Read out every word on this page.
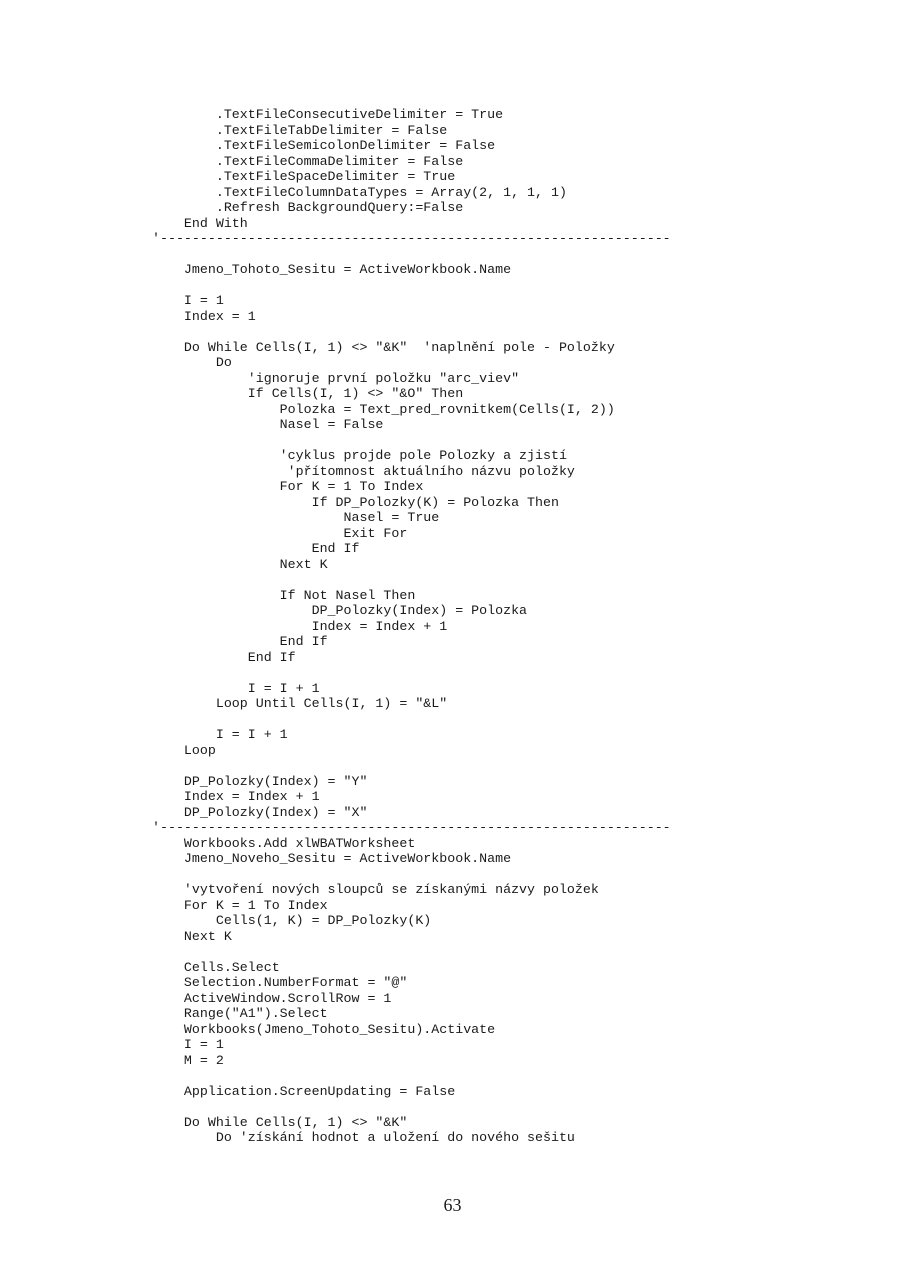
.TextFileConsecutiveDelimiter = True
.TextFileTabDelimiter = False
.TextFileSemicolonDelimiter = False
.TextFileCommaDelimiter = False
.TextFileSpaceDelimiter = True
.TextFileColumnDataTypes = Array(2, 1, 1, 1)
.Refresh BackgroundQuery:=False
End With
'----------------------------------------------------------------

Jmeno_Tohoto_Sesitu = ActiveWorkbook.Name

I = 1
Index = 1

Do While Cells(I, 1) <> "&K"  'naplnění pole - Položky
Do
'ignoruje první položku "arc_viev"
If Cells(I, 1) <> "&O" Then
Polozka = Text_pred_rovnitkem(Cells(I, 2))
Nasel = False

'cyklus projde pole Polozky a zjistí
'přítomnost aktuálního názvu položky
For K = 1 To Index
If DP_Polozky(K) = Polozka Then
Nasel = True
Exit For
End If
Next K

If Not Nasel Then
DP_Polozky(Index) = Polozka
Index = Index + 1
End If
End If

I = I + 1
Loop Until Cells(I, 1) = "&L"

I = I + 1
Loop

DP_Polozky(Index) = "Y"
Index = Index + 1
DP_Polozky(Index) = "X"
'----------------------------------------------------------------
Workbooks.Add xlWBATWorksheet
Jmeno_Noveho_Sesitu = ActiveWorkbook.Name

'vytvoření nových sloupců se získanými názvy položek
For K = 1 To Index
Cells(1, K) = DP_Polozky(K)
Next K

Cells.Select
Selection.NumberFormat = "@"
ActiveWindow.ScrollRow = 1
Range("A1").Select
Workbooks(Jmeno_Tohoto_Sesitu).Activate
I = 1
M = 2

Application.ScreenUpdating = False

Do While Cells(I, 1) <> "&K"
Do 'získání hodnot a uložení do nového sešitu
63
